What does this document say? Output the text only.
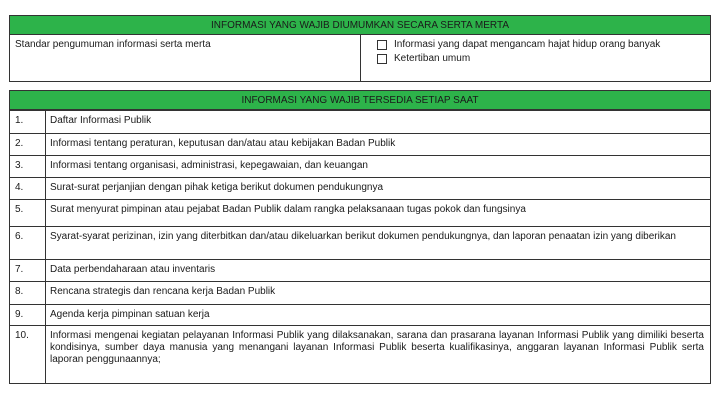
INFORMASI YANG WAJIB DIUMUMKAN SECARA SERTA MERTA
Standar pengumuman informasi serta merta	Informasi yang dapat mengancam hajat hidup orang banyak
Ketertiban umum
INFORMASI YANG WAJIB TERSEDIA SETIAP SAAT
1.	Daftar Informasi Publik
2.	Informasi tentang peraturan, keputusan dan/atau atau kebijakan Badan Publik
3.	Informasi tentang organisasi, administrasi, kepegawaian, dan keuangan
4.	Surat-surat perjanjian dengan pihak ketiga berikut dokumen pendukungnya
5.	Surat menyurat pimpinan atau pejabat Badan Publik dalam rangka pelaksanaan tugas pokok dan fungsinya
6.	Syarat-syarat perizinan, izin yang diterbitkan dan/atau dikeluarkan berikut dokumen pendukungnya, dan laporan penaatan izin yang diberikan
7.	Data perbendaharaan atau inventaris
8.	Rencana strategis dan rencana kerja Badan Publik
9.	Agenda kerja pimpinan satuan kerja
10.	Informasi mengenai kegiatan pelayanan Informasi Publik yang dilaksanakan, sarana dan prasarana layanan Informasi Publik yang dimiliki beserta kondisinya, sumber daya manusia yang menangani layanan Informasi Publik beserta kualifikasinya, anggaran layanan Informasi Publik serta laporan penggunaannya;
